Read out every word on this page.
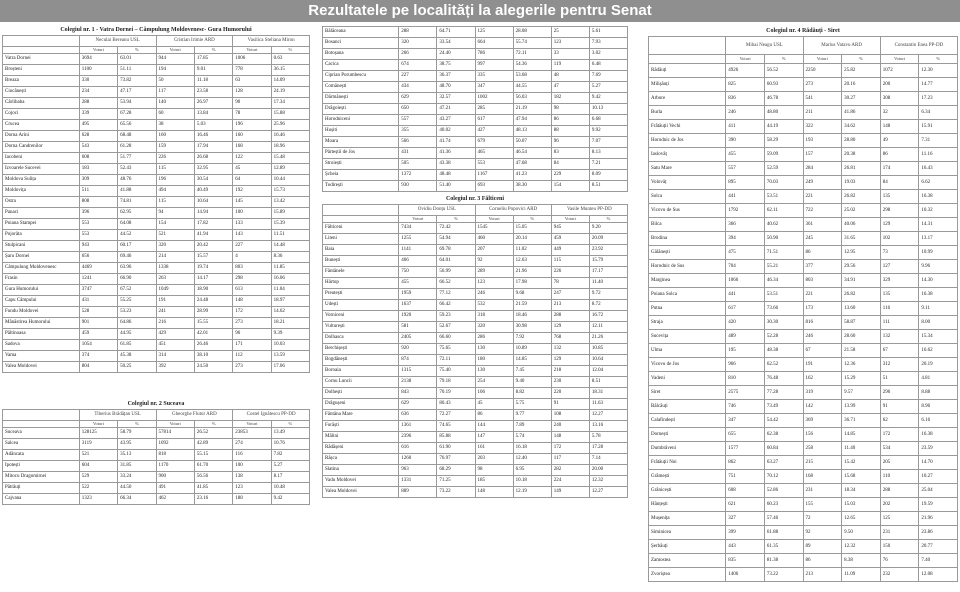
Rezultatele pe localități la alegerile pentru Senat
Colegiul nr. 1 - Vatra Dornei – Câmpulung Moldovenesc- Gura Humorului
	Neculai Bereanu USL		Cristian Irimie ARD		Vasilica Steliana Miron	
	Voturi	%	Voturi	%	Voturi	%
Vatra Dornei	3694	63.01	944	17.85	1006	0.63
Broșteni	1100	51.11	194	9.01	778	36.15
Breaza	330	73.82	50	11.18	63	14.09
Ciocănești	234	47.17	117	23.58	128	24.19
Cârlibaba	288	53.94	140	26.97	90	17.34
Cojoci	339	67.28	60	13.84	78	15.88
Crucea	495	65.56	38	5.03	196	25.96
Dorna Arini	628	68.48	160	16.46	160	16.46
Dorna Candrenilor	543	61.28	159	17.94	168	18.96
Iacobeni	608	51.77	226	26.68	122	15.48
Izvoarele Sucevei	183	52.43	115	32.95	45	12.89
Moldova Sulița	309	48.76	196	30.54	64	10.44
Moldovița	511	41.88	494	40.49	192	15.73
Ostra	808	74.81	115	10.64	145	13.42
Panaci	396	62.95	94	14.94	100	15.89
Poiana Stampei	553	64.08	154	17.82	133	15.39
Pojorâta	553	44.52	521	41.94	143	11.51
Stulpicani	943	60.17	320	20.42	227	14.48
Șaru Dornei	656	69.46	214	15.57	4	8.36
Câmpulung Moldovenesc	4469	63.96	1338	19.74	803	11.85
Frasin	1241	66.90	263	14.17	298	16.06
Gura Humorului	3747	67.52	1049	18.90	613	11.04
Capu Câmpului	431	55.25	191	24.48	148	18.97
Fundu Moldovei	528	53.23	241	28.99	172	14.62
Mănăstirea Humorului	901	64.86	216	15.55	273	18.21
Păltinoasa	459	44.95	429	42.01	96	9.39
Sadova	1054	61.85	451	26.46	171	10.03
Vama	374	45.38	314	38.10	112	13.59
Valea Moldovei	804	50.25	392	24.50	273	17.06
Colegiul nr. 2 Suceava
	Tiberius Brădățan USL		Gheorghe Flutur ARD		Costel Ignătescu PP-DD	
	Voturi	%	Voturi	%	Voturi	%
Suceava	128125	58.79	57814	26.52	23853	13.49
Salcea	3119	43.95	1092	42.89	274	10.76
Adâncata	521	35.13	818	55.15	116	7.82
Ipotești	604	31.85	1170	61.70	100	5.27
Mitocu Dragomirnei	529	33.24	900	56.56	138	8.17
Pătrăuți	522	44.50	491	41.85	123	10.48
Cajvana	1323	66.34	462	23.16	188	9.42
Bălăceana	288	64.71	125	28.08	25	5.61
Bosanci	320	33.54	664	55.74	123	7.93
Botoșana	266	24.40	786	72.11	33	3.02
Cacica	674	38.75	997	54.36	119	6.48
Ciprian Porumbescu	227	36.37	335	53.68	48	7.69
Comănești	434	48.70	347	44.55	47	5.27
Dărmănești	629	32.57	1002	56.03	182	9.42
Drăgoiești	650	47.21	285	21.19	98	10.13
Horodniceni	557	43.27	617	47.94	86	6.68
Hușiti	355	40.02	427	48.13	88	9.92
Moara	566	41.74	679	50.07	96	7.07
Pârteștii de Jos	431	41.36	465	46.54	83	8.13
Stroiești	505	43.38	553	47.68	84	7.21
Șcheia	1372	48.48	1167	41.23	229	8.09
Todirești	930	51.40	693	38.30	154	8.51
Colegiul nr. 3 Fălticeni
	Ovidiu Donțu USL		Corneliu Popovici ARD		Vasile Munteu PP-DD	
	Voturi	%	Voturi	%	Voturi	%
Fălticeni	7434	72.42	1545	15.05	945	9.20
Liteni	1255	54.94	460	20.14	459	20.09
Baia	1141	69.78	207	11.02	449	23.92
Bunești	466	64.01	92	12.63	115	15.79
Fântânele	750	56.99	289	21.96	226	17.17
Hârtop	455	66.52	123	17.98	78	11.40
Preutești	1959	77.12	246	9.68	247	9.72
Udești	1637	66.42	532	21.59	213	8.72
Vorniceni	1920	59.23	318	18.46	288	16.72
Vulturești	581	52.67	320	30.98	129	12.11
Dolhasca	2405	66.60	286	7.92	768	21.26
Berchișești	920	75.65	130	10.89	132	10.85
Bogdănești	874	72.11	180	14.85	129	10.64
Boroaia	1315	75.40	130	7.45	218	12.04
Cornu Luncii	2138	79.18	254	9.40	230	8.51
Dolhești	843	70.19	106	8.82	220	18.31
Drăgușeni	629	80.43	45	5.75	91	11.63
Fântâna Mare	636	72.27	86	9.77	108	12.27
Forăști	1361	74.65	144	7.89	240	13.16
Mălini	2396	85.88	147	5.74	148	5.78
Rădășeni	616	61.90	161	16.18	172	17.28
Râșca	1260	76.97	203	12.40	117	7.14
Slatina	963	68.29	98	6.95	282	20.00
Vadu Moldovei	1331	71.25	185	10.18	224	12.32
Valea Moldovei	889	73.22	148	12.19	149	12.27
Colegiul nr. 4 Rădăuți - Siret
	Mihai Neagu USL		Marius Vatavu ARD		Constantin Enea PP-DD	
	Voturi	%	Voturi	%	Voturi	%
Rădăuți	4926	56.52	2250	25.82	1072	12.30
Milișăuți	825	60.93	273	20.16	200	14.77
Arbore	836	46.78	541	30.27	308	17.23
Burla	246	48.80	211	41.86	32	6.34
Frătăuții Vechi	411	44.19	322	34.62	148	15.91
Horodnic de Jos	390	58.29	193	28.80	49	7.31
Iaslovăț	455	59.09	157	20.38	86	11.16
Satu Mare	557	52.59	284	26.81	174	16.43
Volovăț	895	70.03	249	19.03	84	6.62
Solca	441	53.51	221	26.82	135	16.38
Vicovu de Sus	1792	62.11	722	25.02	298	10.32
Bilca	366	40.62	361	40.06	129	14.31
Brodina	394	50.90	245	31.65	102	13.17
Gălănești	475	71.51	86	12.95	73	10.99
Horodnic de Sus	704	55.21	377	29.56	127	9.96
Marginea	1066	46.34	803	34.91	329	14.30
Poiana Solca	441	53.51	221	26.82	135	16.38
Putna	617	73.66	173	13.60	116	9.11
Straja	420	30.30	816	58.87	111	8.00
Sucevița	489	52.28	246	28.60	132	15.34
Ulma	195	48.38	67	21.58	67	16.62
Vicovu de Jos	966	62.52	191	12.36	312	20.19
Vadeni	810	76.48	162	15.29	51	4.81
Siret	2575	77.28	319	9.57	296	8.88
Bălcăuți	746	73.49	142	13.99	91	8.96
Calafindești	347	54.42	369	36.71	62	6.16
Dornești	655	62.38	156	14.85	172	16.38
Dumbrăveni	1577	60.84	258	11.40	534	23.59
Frătăuții Noi	862	63.27	215	15.42	205	14.70
Grămești	751	70.12	168	15.68	110	10.27
Grănicești	608	52.86	231	18.34	288	25.04
Hănțești	621	60.23	155	15.03	202	19.59
Mușenița	327	57.46	72	12.65	125	21.96
Siminicea	399	61.88	92	9.50	231	23.86
Șerbăuți	443	61.35	89	12.32	150	20.77
Zamostea	835	81.38	86	8.38	76	7.40
Zvoriștea	1406	73.22	213	11.09	232	12.08
